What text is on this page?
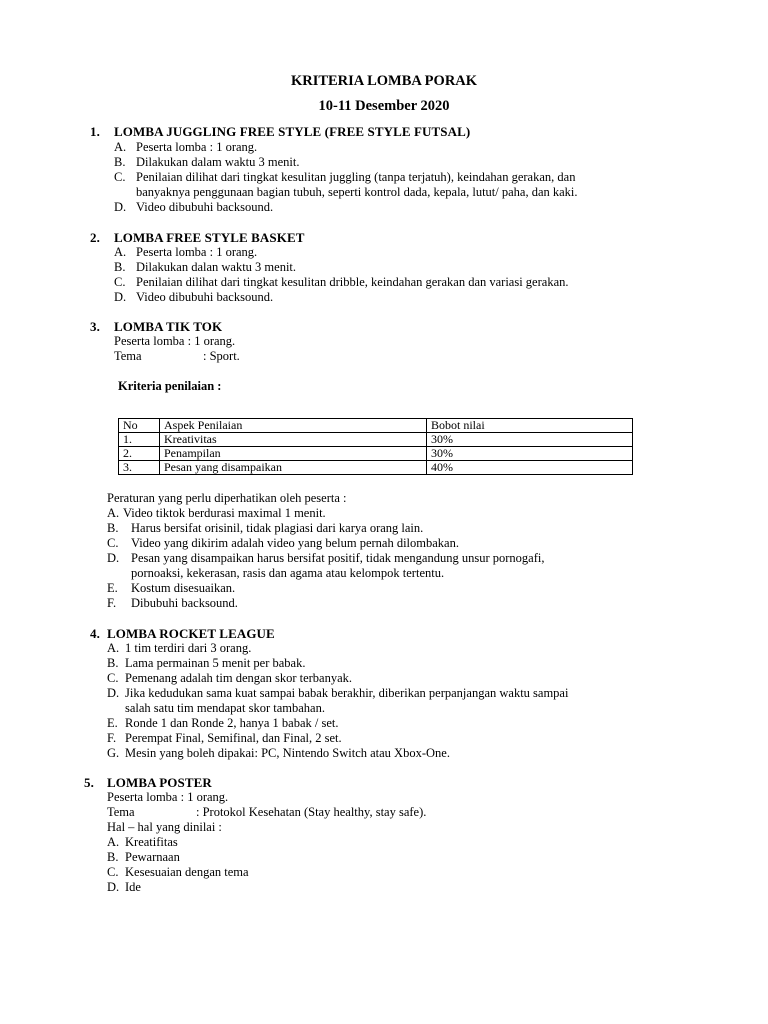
KRITERIA LOMBA PORAK
10-11 Desember 2020
1. LOMBA JUGGLING FREE STYLE (FREE STYLE FUTSAL)
A. Peserta lomba : 1 orang.
B. Dilakukan dalam waktu 3 menit.
C. Penilaian dilihat dari tingkat kesulitan juggling (tanpa terjatuh), keindahan gerakan, dan
banyaknya penggunaan bagian tubuh, seperti kontrol dada, kepala, lutut/ paha, dan kaki.
D. Video dibubuhi backsound.
2. LOMBA FREE STYLE BASKET
A. Peserta lomba : 1 orang.
B. Dilakukan dalan waktu 3 menit.
C. Penilaian dilihat dari tingkat kesulitan dribble, keindahan gerakan dan variasi gerakan.
D. Video dibubuhi backsound.
3. LOMBA TIK TOK
Peserta lomba : 1 orang.
Tema	: Sport.
Kriteria penilaian :
No	Aspek Penilaian	Bobot nilai
1.	Kreativitas	30%
2.	Penampilan	30%
3.	Pesan yang disampaikan	40%
Peraturan yang perlu diperhatikan oleh peserta :
A. Video tiktok berdurasi maximal 1 menit.
B. Harus bersifat orisinil, tidak plagiasi dari karya orang lain.
C. Video yang dikirim adalah video yang belum pernah dilombakan.
D. Pesan yang disampaikan harus bersifat positif, tidak mengandung unsur pornogafi,
pornoaksi, kekerasan, rasis dan agama atau kelompok tertentu.
E. Kostum disesuaikan.
F. Dibubuhi backsound.
4. LOMBA ROCKET LEAGUE
A. 1 tim terdiri dari 3 orang.
B. Lama permainan 5 menit per babak.
C. Pemenang adalah tim dengan skor terbanyak.
D. Jika kedudukan sama kuat sampai babak berakhir, diberikan perpanjangan waktu sampai
salah satu tim mendapat skor tambahan.
E. Ronde 1 dan Ronde 2, hanya 1 babak / set.
F. Perempat Final, Semifinal, dan Final, 2 set.
G. Mesin yang boleh dipakai: PC, Nintendo Switch atau Xbox-One.
5. LOMBA POSTER
Peserta lomba : 1 orang.
Tema	: Protokol Kesehatan (Stay healthy, stay safe).
Hal – hal yang dinilai :
A. Kreatifitas
B. Pewarnaan
C. Kesesuaian dengan tema
D. Ide
